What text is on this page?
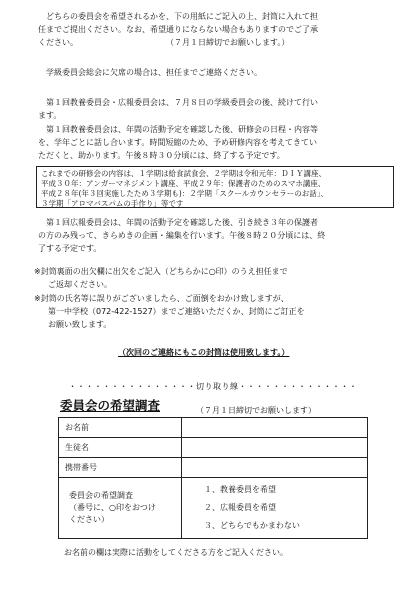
どちらの委員会を希望されるかを、下の用紙にご記入の上、封筒に入れて担

任までご提出ください。なお、希望通りにならない場合もありますのでご了承

ください。　　　　　　　　　　　　（７月１日締切でお願いします。）

学級委員会総会に欠席の場合は、担任までご連絡ください。

第１回教養委員会・広報委員会は、７月８日の学級委員会の後、続けて行い

ます。

第１回教養委員会は、年間の活動予定を確認した後、研修会の日程・内容等

を、学年ごとに話し合います。時間短縮のため、予め研修内容を考えてきてい

ただくと、助かります。午後８時３０分頃には、終了する予定です。

これまでの研修会の内容は、１学期は給食試食会、２学期は令和元年：ＤＩＹ講座、
平成３０年：アンガーマネジメント講座、平成２９年：保護者のためのスマホ講座、
平成２８年(年３回実施したため３学期も)：２学期「スクールカウンセラーのお話」、
３学期「アロマバスパムの手作り」等です

第１回広報委員会は、年間の活動予定を確認した後、引き続き３年の保護者

の方のみ残って、きらめきの企画・編集を行います。午後８時２０分頃には、終

了する予定です。

※封筒裏面の出欠欄に出欠をご記入（どちらかに○印）のうえ担任まで

ご返却ください。

※封筒の氏名等に誤りがございましたら、ご面倒をおかけ致しますが、

第一中学校（072-422-1527）までご連絡いただくか、封筒にご訂正を

お願い致します。

（次回のご連絡にもこの封筒は使用致します。）

・・・・・・・・・・・・・・・切り取り線・・・・・・・・・・・・・・
委員会の希望調査	（７月１日締切でお願いします）
お名前	
生徒名	
携帯番号	

委員会の希望調査
（番号に、○印をおつけ
ください）	１、教養委員を希望
２、広報委員を希望
３、どちらでもかまわない
お名前の欄は実際に活動をしてくださる方をご記入ください。
